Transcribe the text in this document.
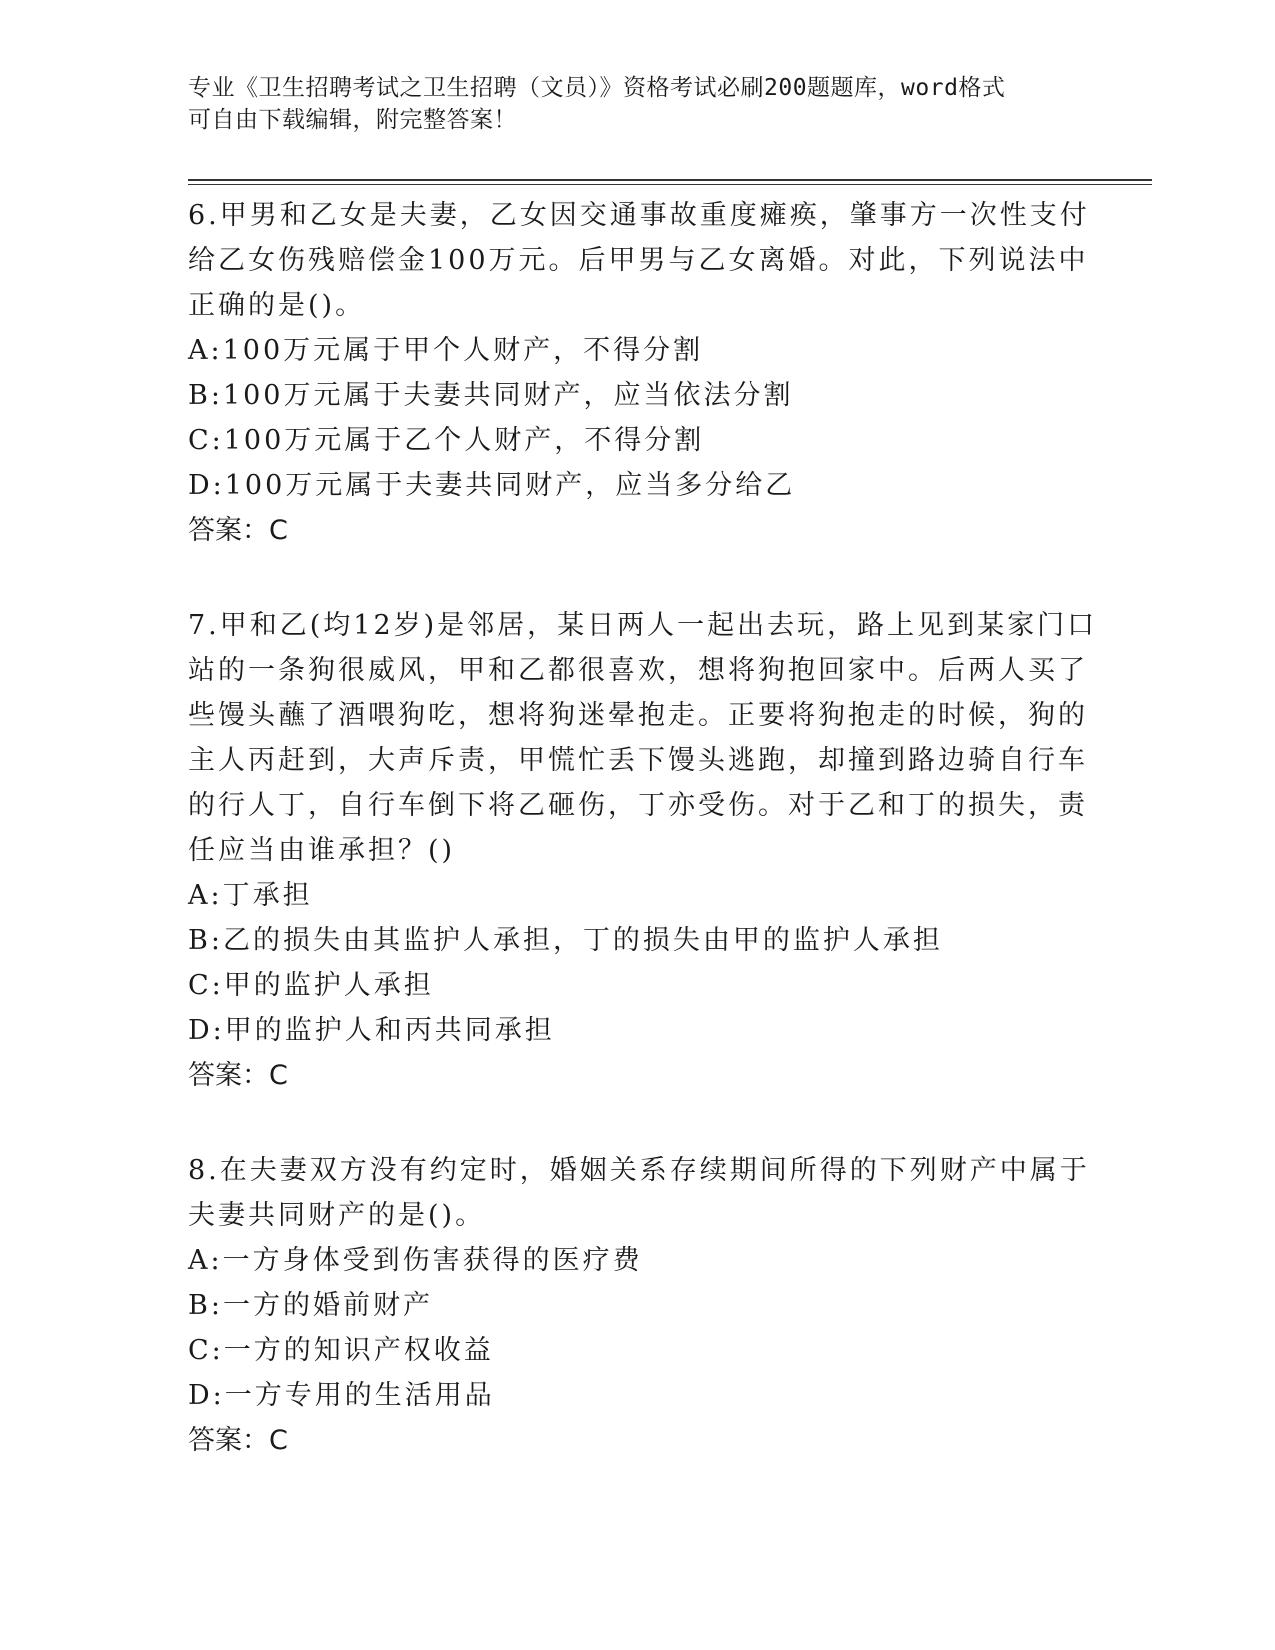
专业《卫生招聘考试之卫生招聘（文员）》资格考试必刷200题题库，word格式
可自由下载编辑，附完整答案！
6.甲男和乙女是夫妻，乙女因交通事故重度瘫痪，肇事方一次性支付
给乙女伤残赔偿金100万元。后甲男与乙女离婚。对此，下列说法中
正确的是()。
A:100万元属于甲个人财产，不得分割
B:100万元属于夫妻共同财产，应当依法分割
C:100万元属于乙个人财产，不得分割
D:100万元属于夫妻共同财产，应当多分给乙
答案：C
7.甲和乙(均12岁)是邻居，某日两人一起出去玩，路上见到某家门口
站的一条狗很威风，甲和乙都很喜欢，想将狗抱回家中。后两人买了
些馒头蘸了酒喂狗吃，想将狗迷晕抱走。正要将狗抱走的时候，狗的
主人丙赶到，大声斥责，甲慌忙丢下馒头逃跑，却撞到路边骑自行车
的行人丁，自行车倒下将乙砸伤，丁亦受伤。对于乙和丁的损失，责
任应当由谁承担？()
A:丁承担
B:乙的损失由其监护人承担，丁的损失由甲的监护人承担
C:甲的监护人承担
D:甲的监护人和丙共同承担
答案：C
8.在夫妻双方没有约定时，婚姻关系存续期间所得的下列财产中属于
夫妻共同财产的是()。
A:一方身体受到伤害获得的医疗费
B:一方的婚前财产
C:一方的知识产权收益
D:一方专用的生活用品
答案：C
